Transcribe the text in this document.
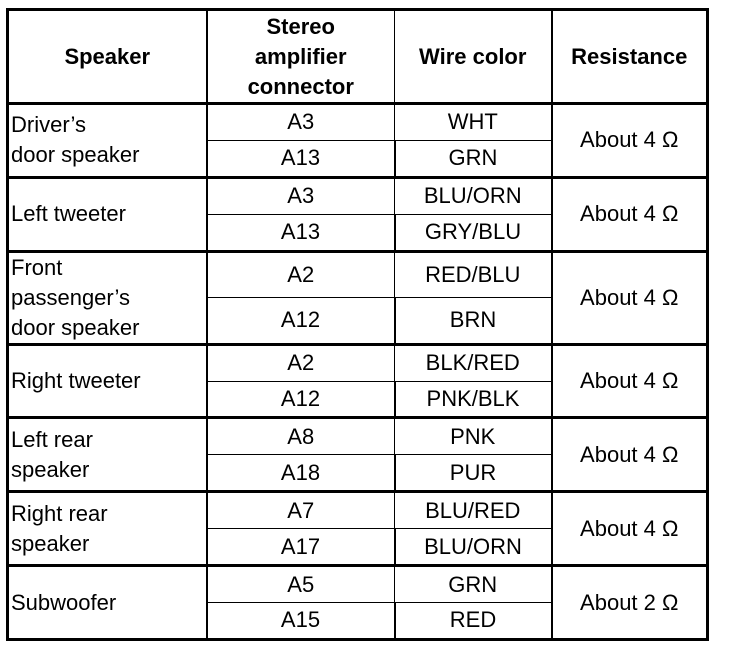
Speaker	Stereo
amplifier
connector	Wire color	Resistance

Driver’s
door speaker	A3	WHT	About 4 Ω
	A13	GRN	

Left tweeter	A3	BLU/ORN	About 4 Ω
	A13	GRY/BLU	

Front
passenger’s
door speaker	A2	RED/BLU	About 4 Ω
	A12	BRN	

Right tweeter	A2	BLK/RED	About 4 Ω
	A12	PNK/BLK	

Left rear
speaker	A8	PNK	About 4 Ω
	A18	PUR	

Right rear
speaker	A7	BLU/RED	About 4 Ω
	A17	BLU/ORN	

Subwoofer	A5	GRN	About 2 Ω
	A15	RED	
